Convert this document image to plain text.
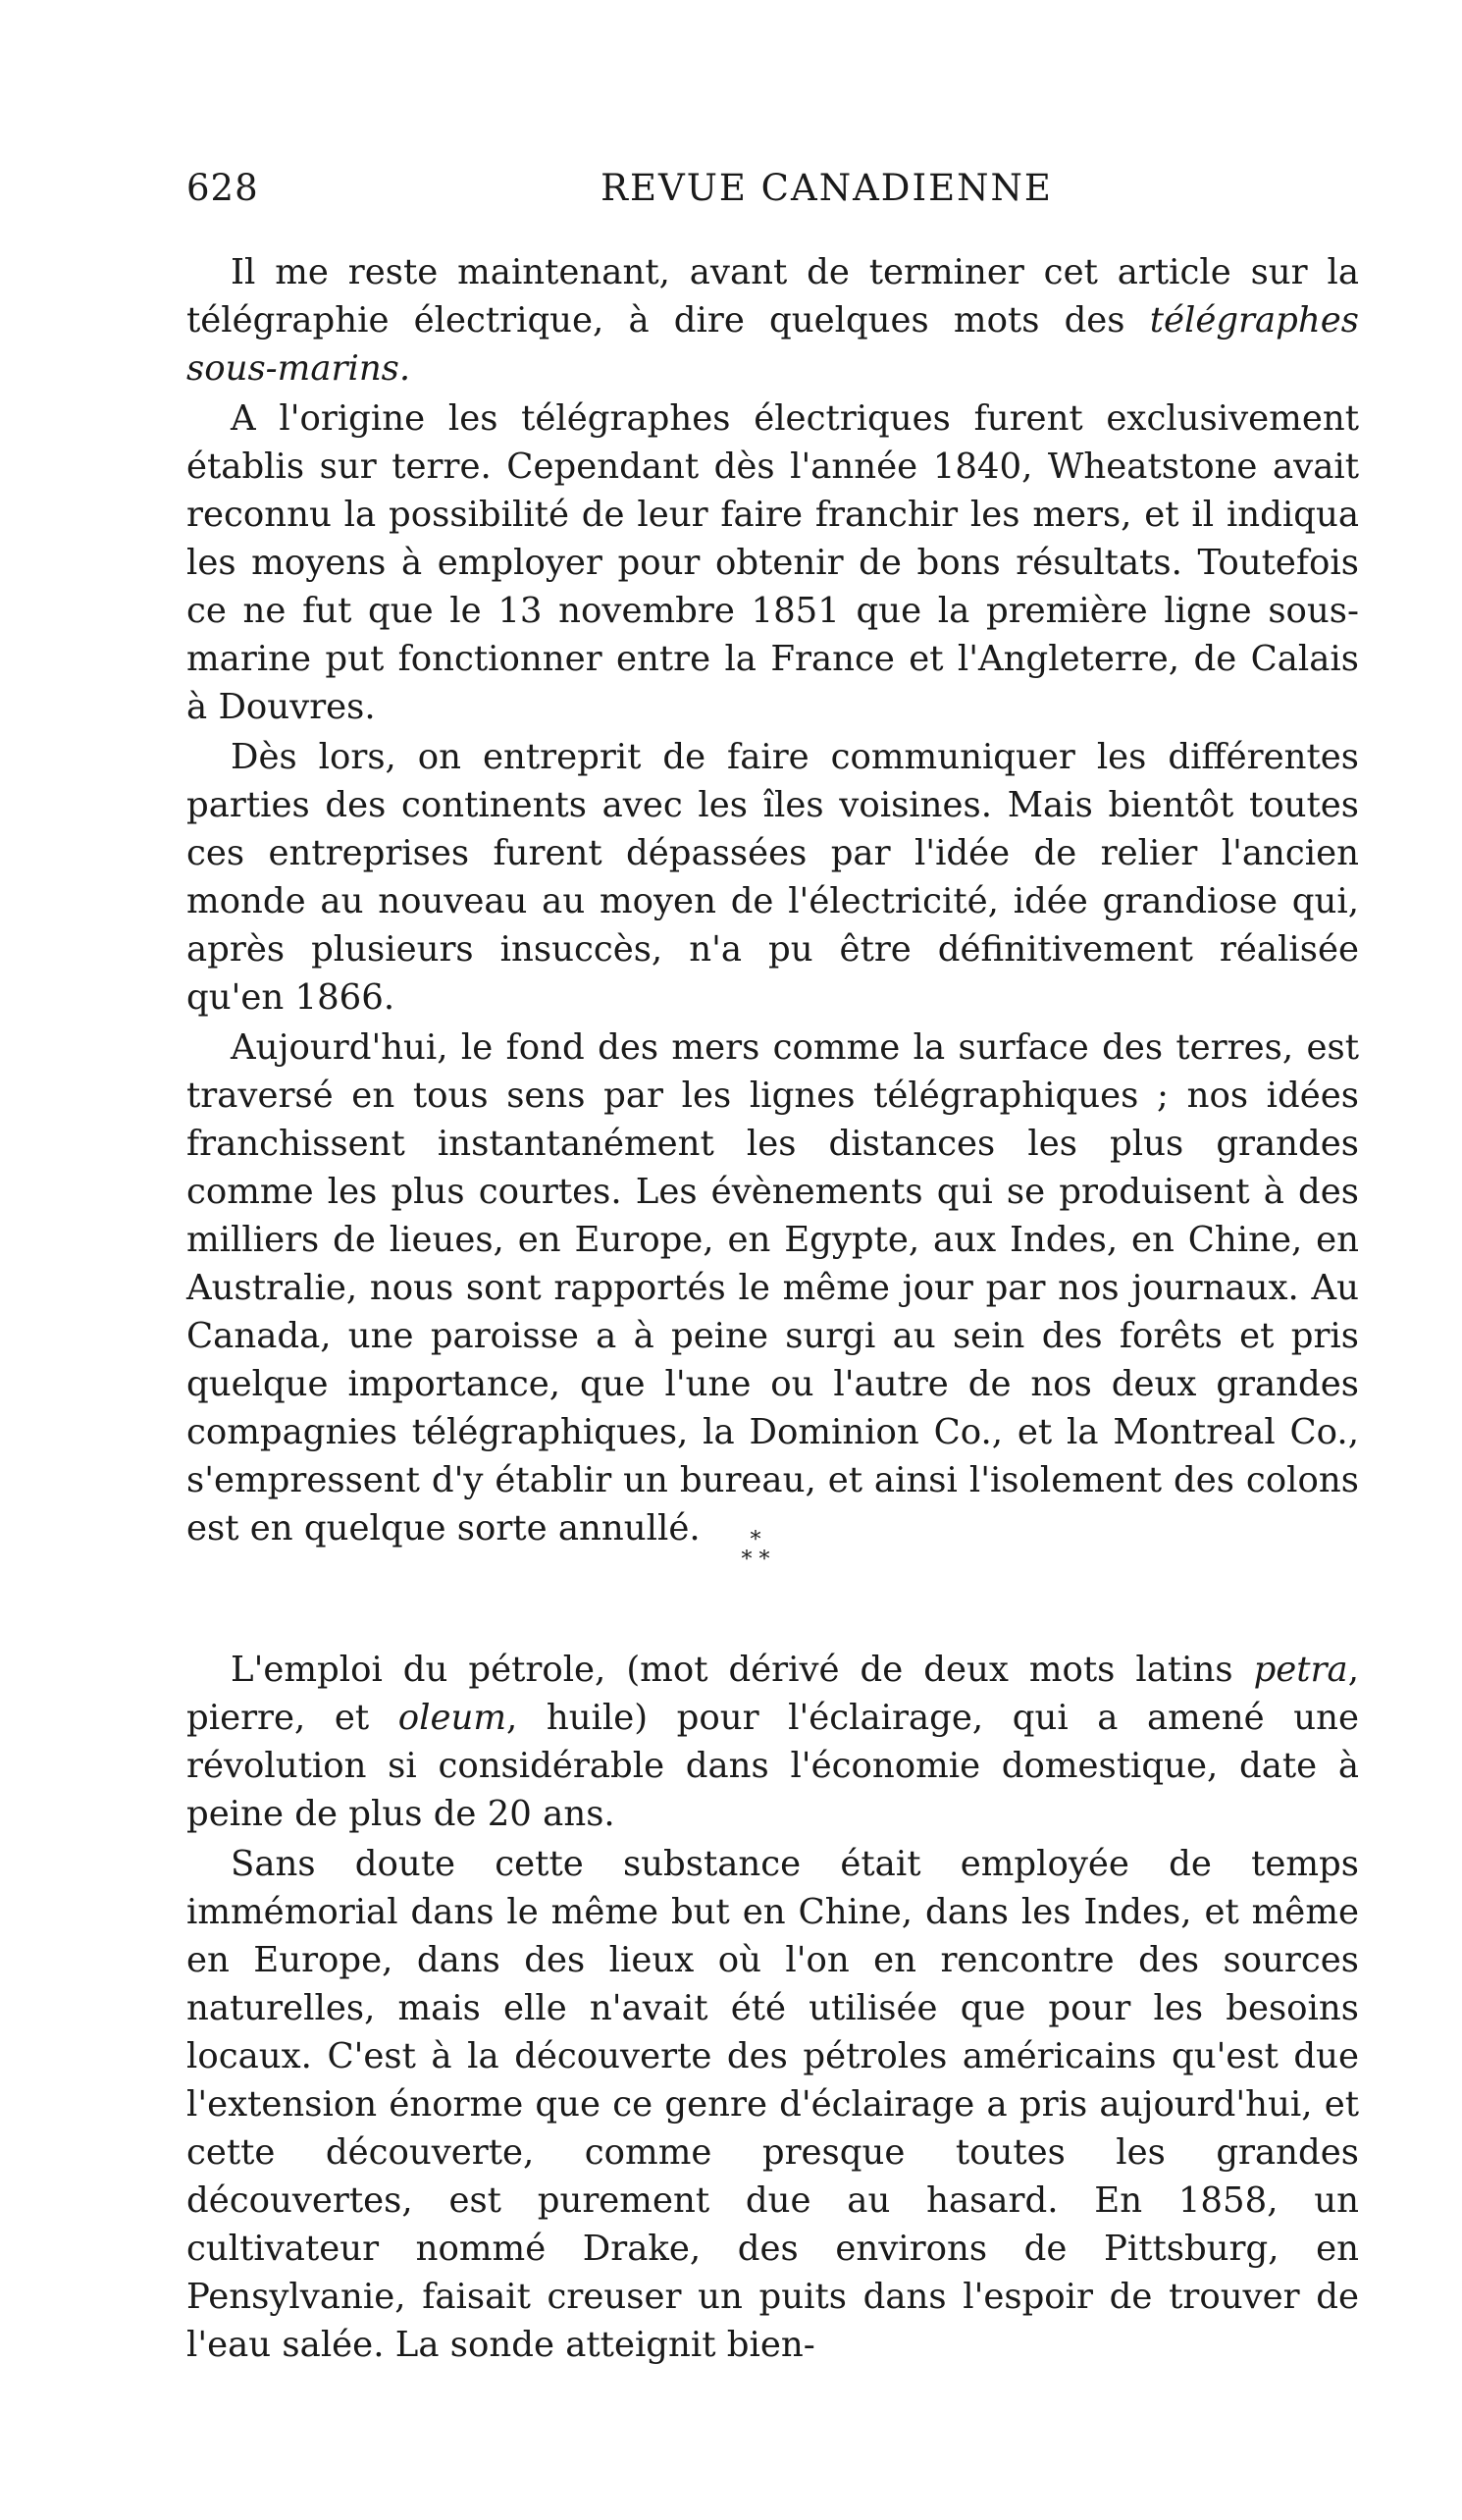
628	REVUE CANADIENNE

Il me reste maintenant, avant de terminer cet article sur la télégraphie électrique, à dire quelques mots des télégraphes sous-marins.

A l'origine les télégraphes électriques furent exclusivement établis sur terre. Cependant dès l'année 1840, Wheatstone avait reconnu la possibilité de leur faire franchir les mers, et il indiqua les moyens à employer pour obtenir de bons résultats. Toutefois ce ne fut que le 13 novembre 1851 que la première ligne sous-marine put fonctionner entre la France et l'Angleterre, de Calais à Douvres.

Dès lors, on entreprit de faire communiquer les différentes parties des continents avec les îles voisines. Mais bientôt toutes ces entreprises furent dépassées par l'idée de relier l'ancien monde au nouveau au moyen de l'électricité, idée grandiose qui, après plusieurs insuccès, n'a pu être définitivement réalisée qu'en 1866.

Aujourd'hui, le fond des mers comme la surface des terres, est traversé en tous sens par les lignes télégraphiques ; nos idées franchissent instantanément les distances les plus grandes comme les plus courtes. Les évènements qui se produisent à des milliers de lieues, en Europe, en Egypte, aux Indes, en Chine, en Australie, nous sont rapportés le même jour par nos journaux. Au Canada, une paroisse a à peine surgi au sein des forêts et pris quelque importance, que l'une ou l'autre de nos deux grandes compagnies télégraphiques, la Dominion Co., et la Montreal Co., s'empressent d'y établir un bureau, et ainsi l'isolement des colons est en quelque sorte annullé.	*
* *

L'emploi du pétrole, (mot dérivé de deux mots latins petra, pierre, et oleum, huile) pour l'éclairage, qui a amené une révolution si considérable dans l'économie domestique, date à peine de plus de 20 ans.

Sans doute cette substance était employée de temps immémorial dans le même but en Chine, dans les Indes, et même en Europe, dans des lieux où l'on en rencontre des sources naturelles, mais elle n'avait été utilisée que pour les besoins locaux. C'est à la découverte des pétroles américains qu'est due l'extension énorme que ce genre d'éclairage a pris aujourd'hui, et cette découverte, comme presque toutes les grandes découvertes, est purement due au hasard. En 1858, un cultivateur nommé Drake, des environs de Pittsburg, en Pensylvanie, faisait creuser un puits dans l'espoir de trouver de l'eau salée. La sonde atteignit bien-
